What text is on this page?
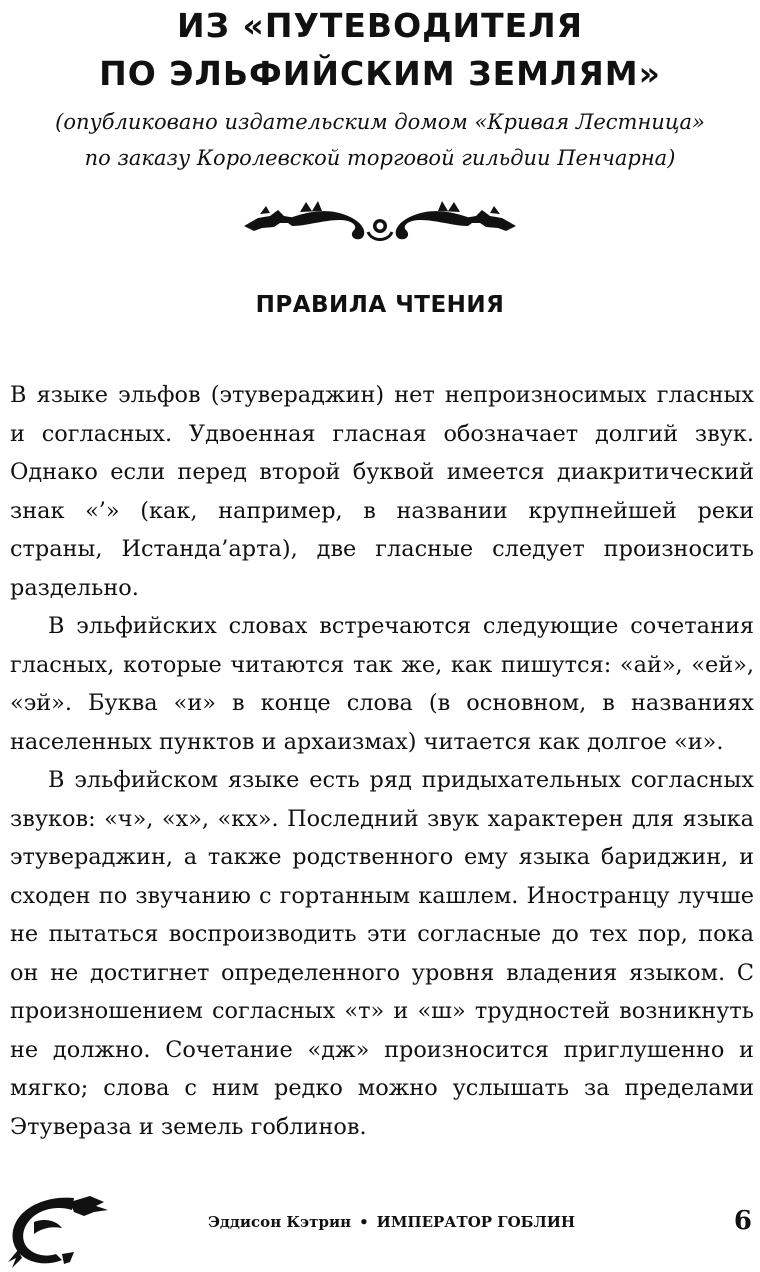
ИЗ «ПУТЕВОДИТЕЛЯ
ПО ЭЛЬФИЙСКИМ ЗЕМЛЯМ»
(опубликовано издательским домом «Кривая Лестница»
по заказу Королевской торговой гильдии Пенчарна)
ПРАВИЛА ЧТЕНИЯ

В языке эльфов (этувераджин) нет непроизносимых гласных и согласных. Удвоенная гласная обозначает долгий звук. Однако если перед второй буквой имеется диакритический знак «’» (как, например, в названии крупнейшей реки страны, Истанда’арта), две гласные следует произносить раздельно.

В эльфийских словах встречаются следующие сочетания гласных, которые читаются так же, как пишутся: «ай», «ей», «эй». Буква «и» в конце слова (в основном, в названиях населенных пунктов и архаизмах) читается как долгое «и».

В эльфийском языке есть ряд придыхательных согласных звуков: «ч», «х», «кх». Последний звук характерен для языка этувераджин, а также родственного ему языка бариджин, и сходен по звучанию с гортанным кашлем. Иностранцу лучше не пытаться воспроизводить эти согласные до тех пор, пока он не достигнет определенного уровня владения языком. С произношением согласных «т» и «ш» трудностей возникнуть не должно. Сочетание «дж» произносится приглушенно и мягко; слова с ним редко можно услышать за пределами Этувераза и земель гоблинов.

Эддисон Кэтрин • ИМПЕРАТОР ГОБЛИН	6
